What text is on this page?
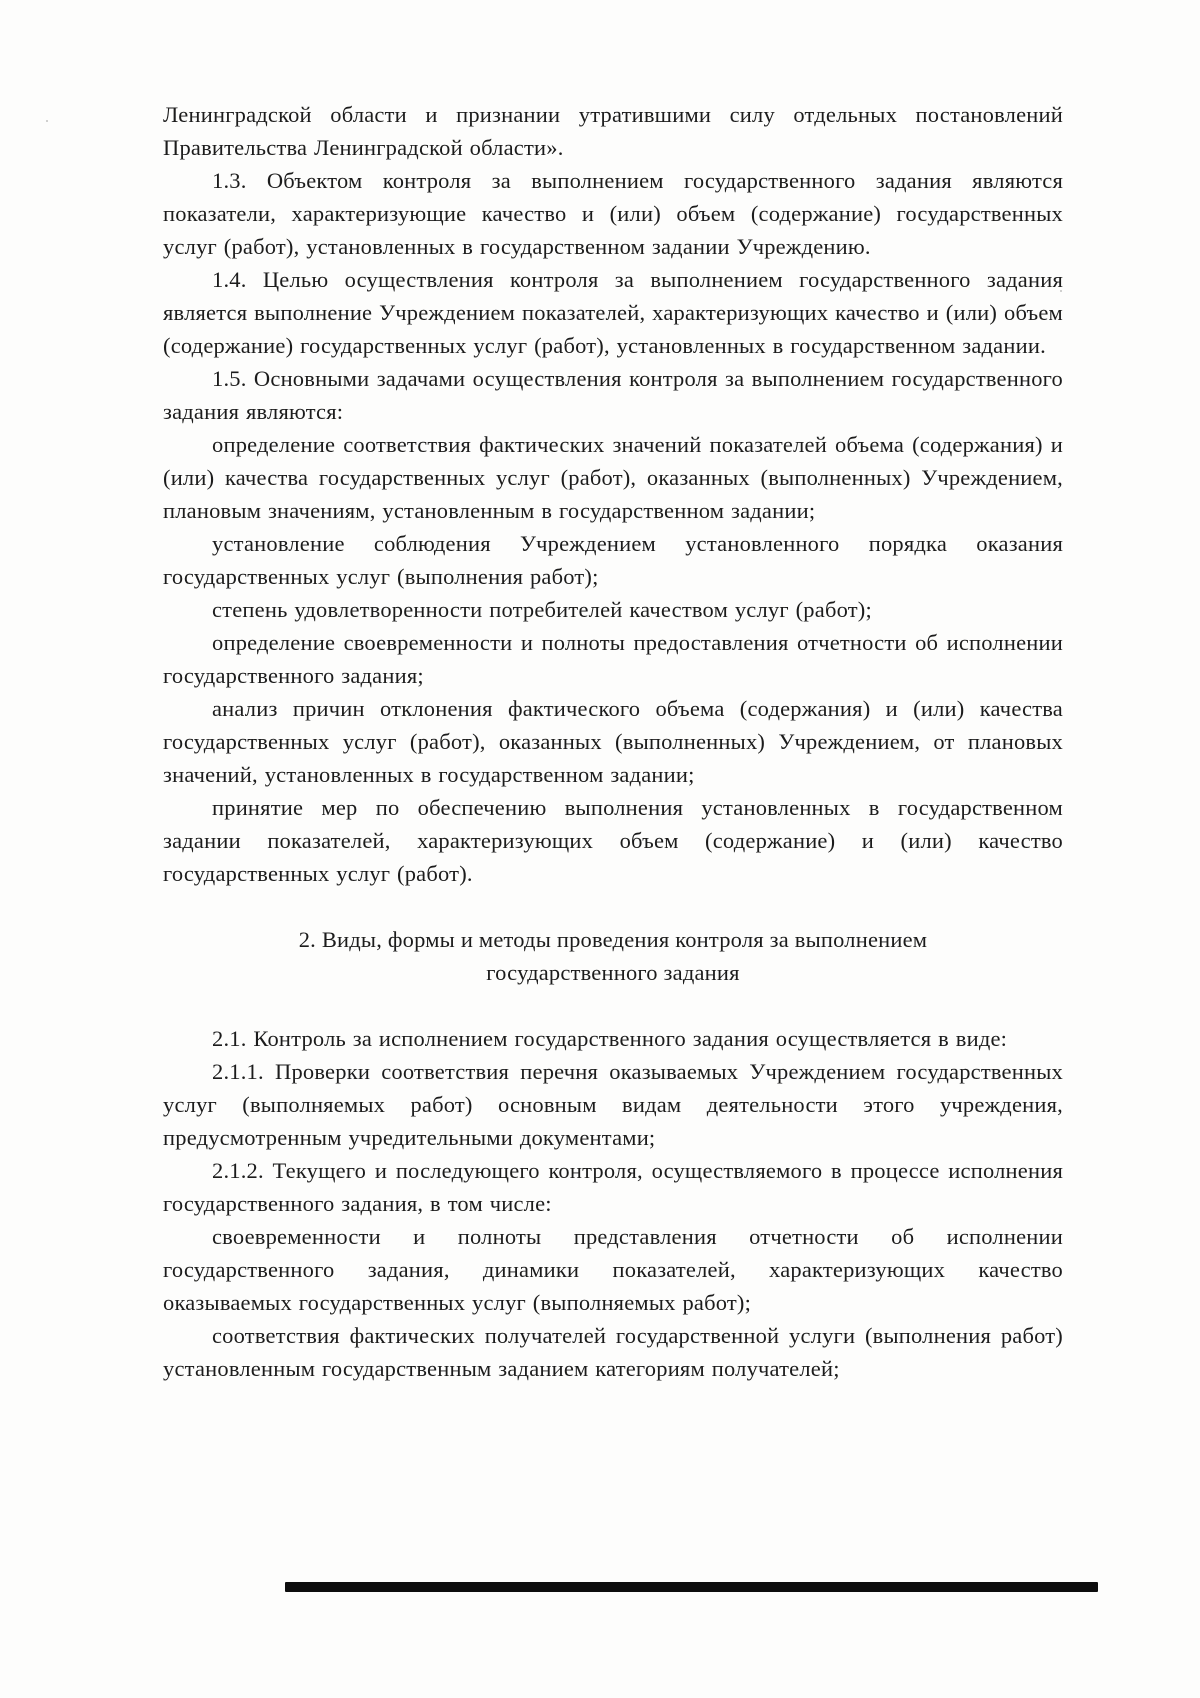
Ленинградской области и признании утратившими силу отдельных постановлений Правительства Ленинградской области».

1.3. Объектом контроля за выполнением государственного задания являются показатели, характеризующие качество и (или) объем (содержание) государственных услуг (работ), установленных в государственном задании Учреждению.

1.4. Целью осуществления контроля за выполнением государственного задания является выполнение Учреждением показателей, характеризующих качество и (или) объем (содержание) государственных услуг (работ), установленных в государственном задании.

1.5. Основными задачами осуществления контроля за выполнением государственного задания являются:

определение соответствия фактических значений показателей объема (содержания) и (или) качества государственных услуг (работ), оказанных (выполненных) Учреждением, плановым значениям, установленным в государственном задании;

установление соблюдения Учреждением установленного порядка оказания государственных услуг (выполнения работ);

степень удовлетворенности потребителей качеством услуг (работ);

определение своевременности и полноты предоставления отчетности об исполнении государственного задания;

анализ причин отклонения фактического объема (содержания) и (или) качества государственных услуг (работ), оказанных (выполненных) Учреждением, от плановых значений, установленных в государственном задании;

принятие мер по обеспечению выполнения установленных в государственном задании показателей, характеризующих объем (содержание) и (или) качество государственных услуг (работ).

2. Виды, формы и методы проведения контроля за выполнением государственного задания

2.1. Контроль за исполнением государственного задания осуществляется в виде:

2.1.1. Проверки соответствия перечня оказываемых Учреждением государственных услуг (выполняемых работ) основным видам деятельности этого учреждения, предусмотренным учредительными документами;

2.1.2. Текущего и последующего контроля, осуществляемого в процессе исполнения государственного задания, в том числе:

своевременности и полноты представления отчетности об исполнении государственного задания, динамики показателей, характеризующих качество оказываемых государственных услуг (выполняемых работ);

соответствия фактических получателей государственной услуги (выполнения работ) установленным государственным заданием категориям получателей;
